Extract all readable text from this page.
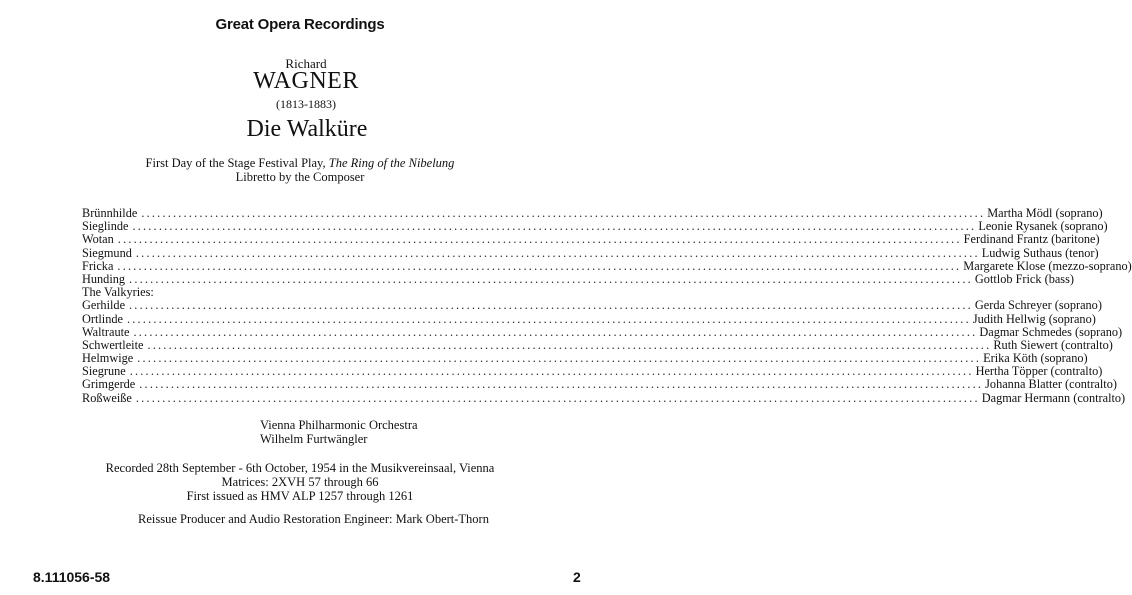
Great Opera Recordings
Richard
WAGNER
(1813-1883)
Die Walküre
First Day of the Stage Festival Play, The Ring of the Nibelung
Libretto by the Composer
Brünnhilde ................................................................................................................................................................ Martha Mödl (soprano)
Sieglinde ................................................................................................................................................................ Leonie Rysanek (soprano)
Wotan ................................................................................................................................................................ Ferdinand Frantz (baritone)
Siegmund ................................................................................................................................................................ Ludwig Suthaus (tenor)
Fricka ................................................................................................................................................................ Margarete Klose (mezzo-soprano)
Hunding ................................................................................................................................................................ Gottlob Frick (bass)
The Valkyries:
Gerhilde ................................................................................................................................................................ Gerda Schreyer (soprano)
Ortlinde ................................................................................................................................................................ Judith Hellwig (soprano)
Waltraute ................................................................................................................................................................ Dagmar Schmedes (soprano)
Schwertleite ................................................................................................................................................................ Ruth Siewert (contralto)
Helmwige ................................................................................................................................................................ Erika Köth (soprano)
Siegrune ................................................................................................................................................................ Hertha Töpper (contralto)
Grimgerde ................................................................................................................................................................ Johanna Blatter (contralto)
Roßweiße ................................................................................................................................................................ Dagmar Hermann (contralto)
Vienna Philharmonic Orchestra
Wilhelm Furtwängler
Recorded 28th September - 6th October, 1954 in the Musikvereinsaal, Vienna
Matrices: 2XVH 57 through 66
First issued as HMV ALP 1257 through 1261
Reissue Producer and Audio Restoration Engineer: Mark Obert-Thorn
8.111056-58	2
